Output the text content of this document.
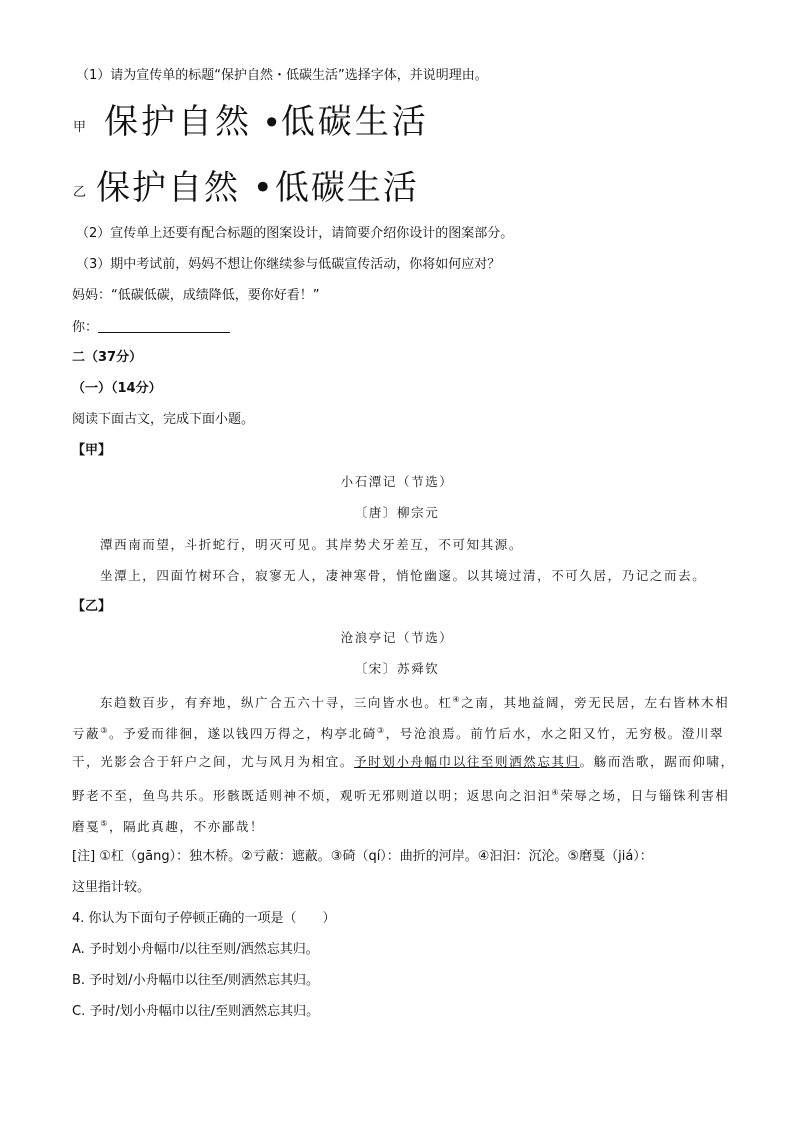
（1）请为宣传单的标题“保护自然・低碳生活”选择字体，并说明理由。
甲 保护自然 •低碳生活
乙 保护自然 •低碳生活
（2）宣传单上还要有配合标题的图案设计，请简要介绍你设计的图案部分。
（3）期中考试前，妈妈不想让你继续参与低碳宣传活动，你将如何应对？
妈妈：“低碳低碳，成绩降低，要你好看！”
你：
二（37分）
（一）（14分）
阅读下面古文，完成下面小题。
【甲】
小石潭记（节选）
〔唐〕柳宗元
潭西南而望，斗折蛇行，明灭可见。其岸势犬牙差互，不可知其源。
坐潭上，四面竹树环合，寂寥无人，凄神寒骨，悄怆幽邃。以其境过清，不可久居，乃记之而去。
【乙】
沧浪亭记（节选）
〔宋〕苏舜钦
东趋数百步，有弃地，纵广合五六十寻，三向皆水也。杠④之南，其地益阔，旁无民居，左右皆林木相
亏蔽③。予爱而徘徊，遂以钱四万得之，构亭北碕③，号沧浪焉。前竹后水，水之阳又竹，无穷极。澄川翠
干，光影会合于轩户之间，尤与风月为相宜。予时划小舟幅巾以往至则洒然忘其归。觞而浩歌，踞而仰啸，
野老不至，鱼鸟共乐。形骸既适则神不烦，观听无邪则道以明；返思向之汩汩④荣辱之场，日与锱铢利害相
磨戛⑤，隔此真趣，不亦鄙哉！
[注] ①杠（gāng）：独木桥。②亏蔽：遮蔽。③碕（qí）：曲折的河岸。④汩汩：沉沦。⑤磨戛（jiá）：
这里指计较。
4. 你认为下面句子停顿正确的一项是（　　）
A. 予时划小舟幅巾/以往至则/洒然忘其归。
B. 予时划/小舟幅巾以往至/则洒然忘其归。
C. 予时/划小舟幅巾以往/至则洒然忘其归。
